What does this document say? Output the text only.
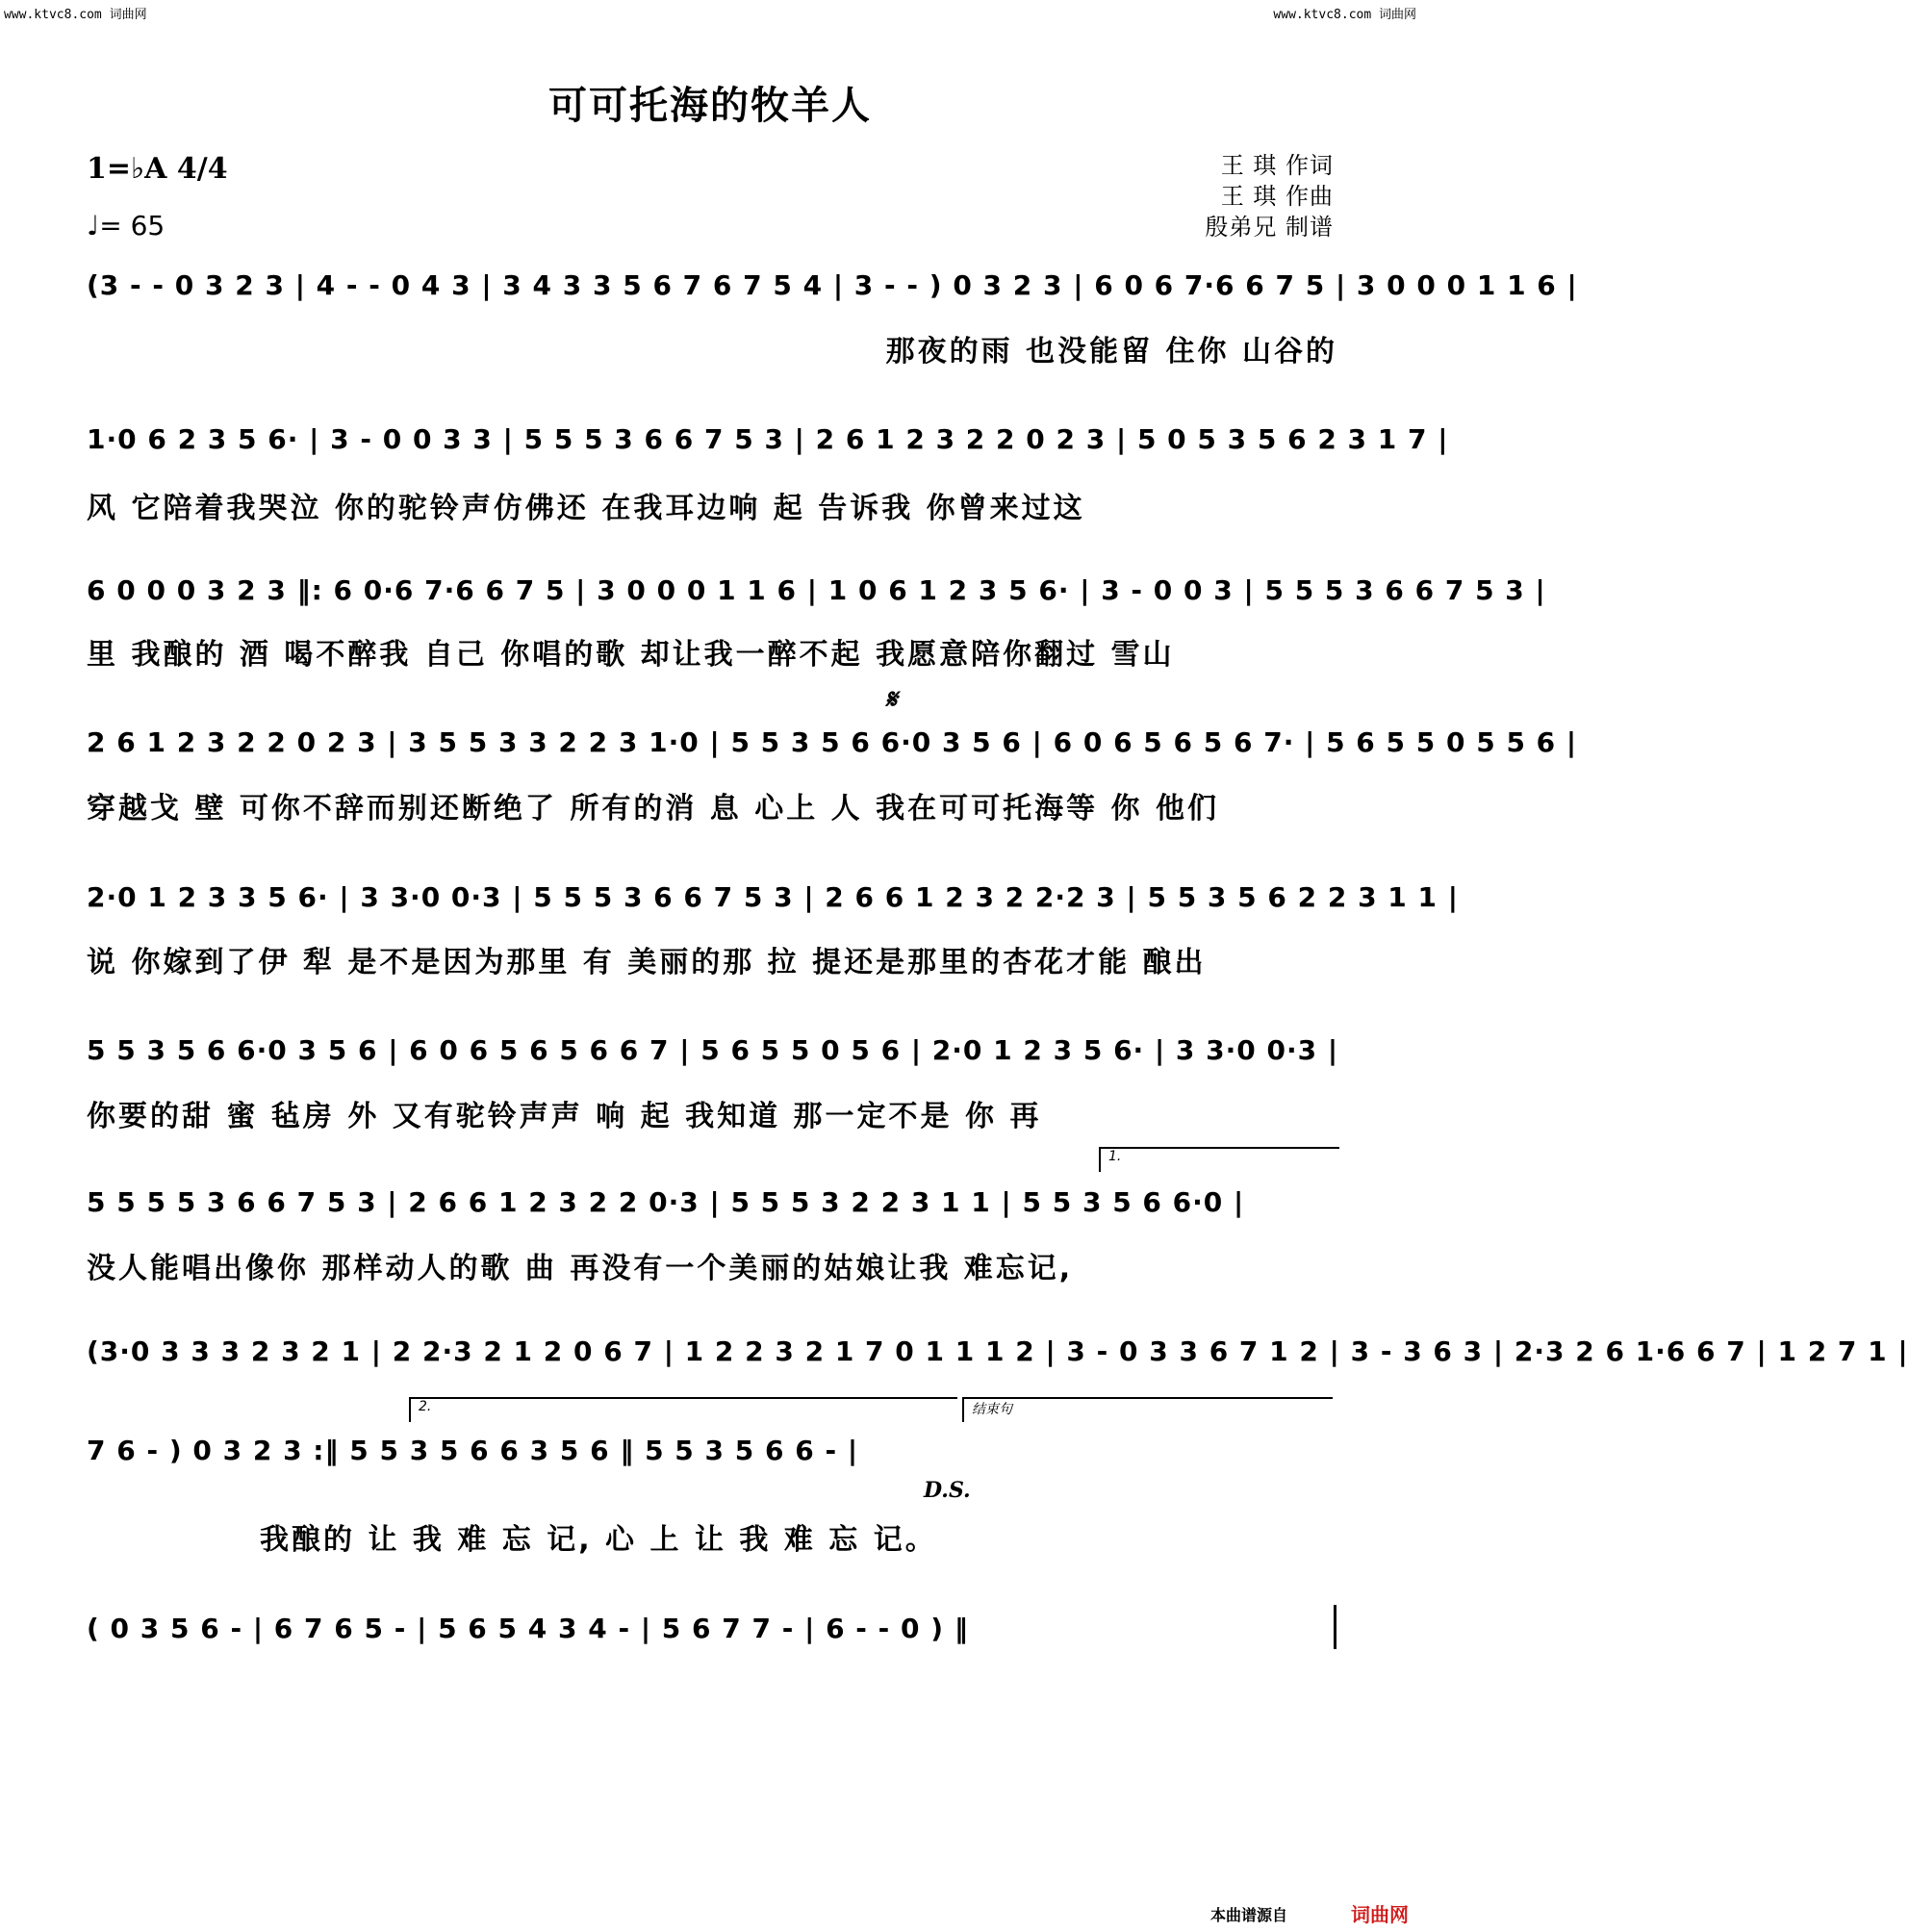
www.ktvc8.com 词曲网	www.ktvc8.com 词曲网
可可托海的牧羊人
1=♭A 4/4
♩= 65
王 琪 作词
王 琪 作曲
殷弟兄 制谱
(3 - - 0 3 2 3 | 4 - - 0 4 3 | 3 4 3 3 5 6 7 6 7 5 4 | 3 - - ) 0 3 2 3 | 6 0 6 7·6 6 7 5 | 3 0 0 0 1 1 6 |
那夜的雨 也没能留 住你 山谷的
1·0 6 2 3 5 6· | 3 - 0 0 3 3 | 5 5 5 3 6 6 7 5 3 | 2 6 1 2 3 2 2 0 2 3 | 5 0 5 3 5 6 2 3 1 7 |
风 它陪着我哭泣 你的驼铃声仿佛还 在我耳边响 起 告诉我 你曾来过这
6 0 0 0 3 2 3 ‖: 6 0·6 7·6 6 7 5 | 3 0 0 0 1 1 6 | 1 0 6 1 2 3 5 6· | 3 - 0 0 3 | 5 5 5 3 6 6 7 5 3 |
里 我酿的 酒 喝不醉我 自己 你唱的歌 却让我一醉不起 我愿意陪你翻过 雪山
𝄋
2 6 1 2 3 2 2 0 2 3 | 3 5 5 3 3 2 2 3 1·0 | 5 5 3 5 6 6·0 3 5 6 | 6 0 6 5 6 5 6 7· | 5 6 5 5 0 5 5 6 |
穿越戈 壁 可你不辞而别还断绝了 所有的消 息 心上 人 我在可可托海等 你 他们
2·0 1 2 3 3 5 6· | 3 3·0 0·3 | 5 5 5 3 6 6 7 5 3 | 2 6 6 1 2 3 2 2·2 3 | 5 5 3 5 6 2 2 3 1 1 |
说 你嫁到了伊 犁 是不是因为那里 有 美丽的那 拉 提还是那里的杏花才能 酿出
5 5 3 5 6 6·0 3 5 6 | 6 0 6 5 6 5 6 6 7 | 5 6 5 5 0 5 6 | 2·0 1 2 3 5 6· | 3 3·0 0·3 |
你要的甜 蜜 毡房 外 又有驼铃声声 响 起 我知道 那一定不是 你 再
1.
5 5 5 5 3 6 6 7 5 3 | 2 6 6 1 2 3 2 2 0·3 | 5 5 5 3 2 2 3 1 1 | 5 5 3 5 6 6·0 |
没人能唱出像你 那样动人的歌 曲 再没有一个美丽的姑娘让我 难忘记,
(3·0 3 3 3 2 3 2 1 | 2 2·3 2 1 2 0 6 7 | 1 2 2 3 2 1 7 0 1 1 1 2 | 3 - 0 3 3 6 7 1 2 | 3 - 3 6 3 | 2·3 2 6 1·6 6 7 | 1 2 7 1 |
2.	结束句
7 6 - ) 0 3 2 3 :‖ 5 5 3 5 6 6 3 5 6 ‖ 5 5 3 5 6 6 - |
D.S.
我酿的 让 我 难 忘 记, 心 上 让 我 难 忘 记。
( 0 3 5 6 - | 6 7 6 5 - | 5 6 5 4 3 4 - | 5 6 7 7 - | 6 - - 0 ) ‖
本曲谱源自	词曲网
